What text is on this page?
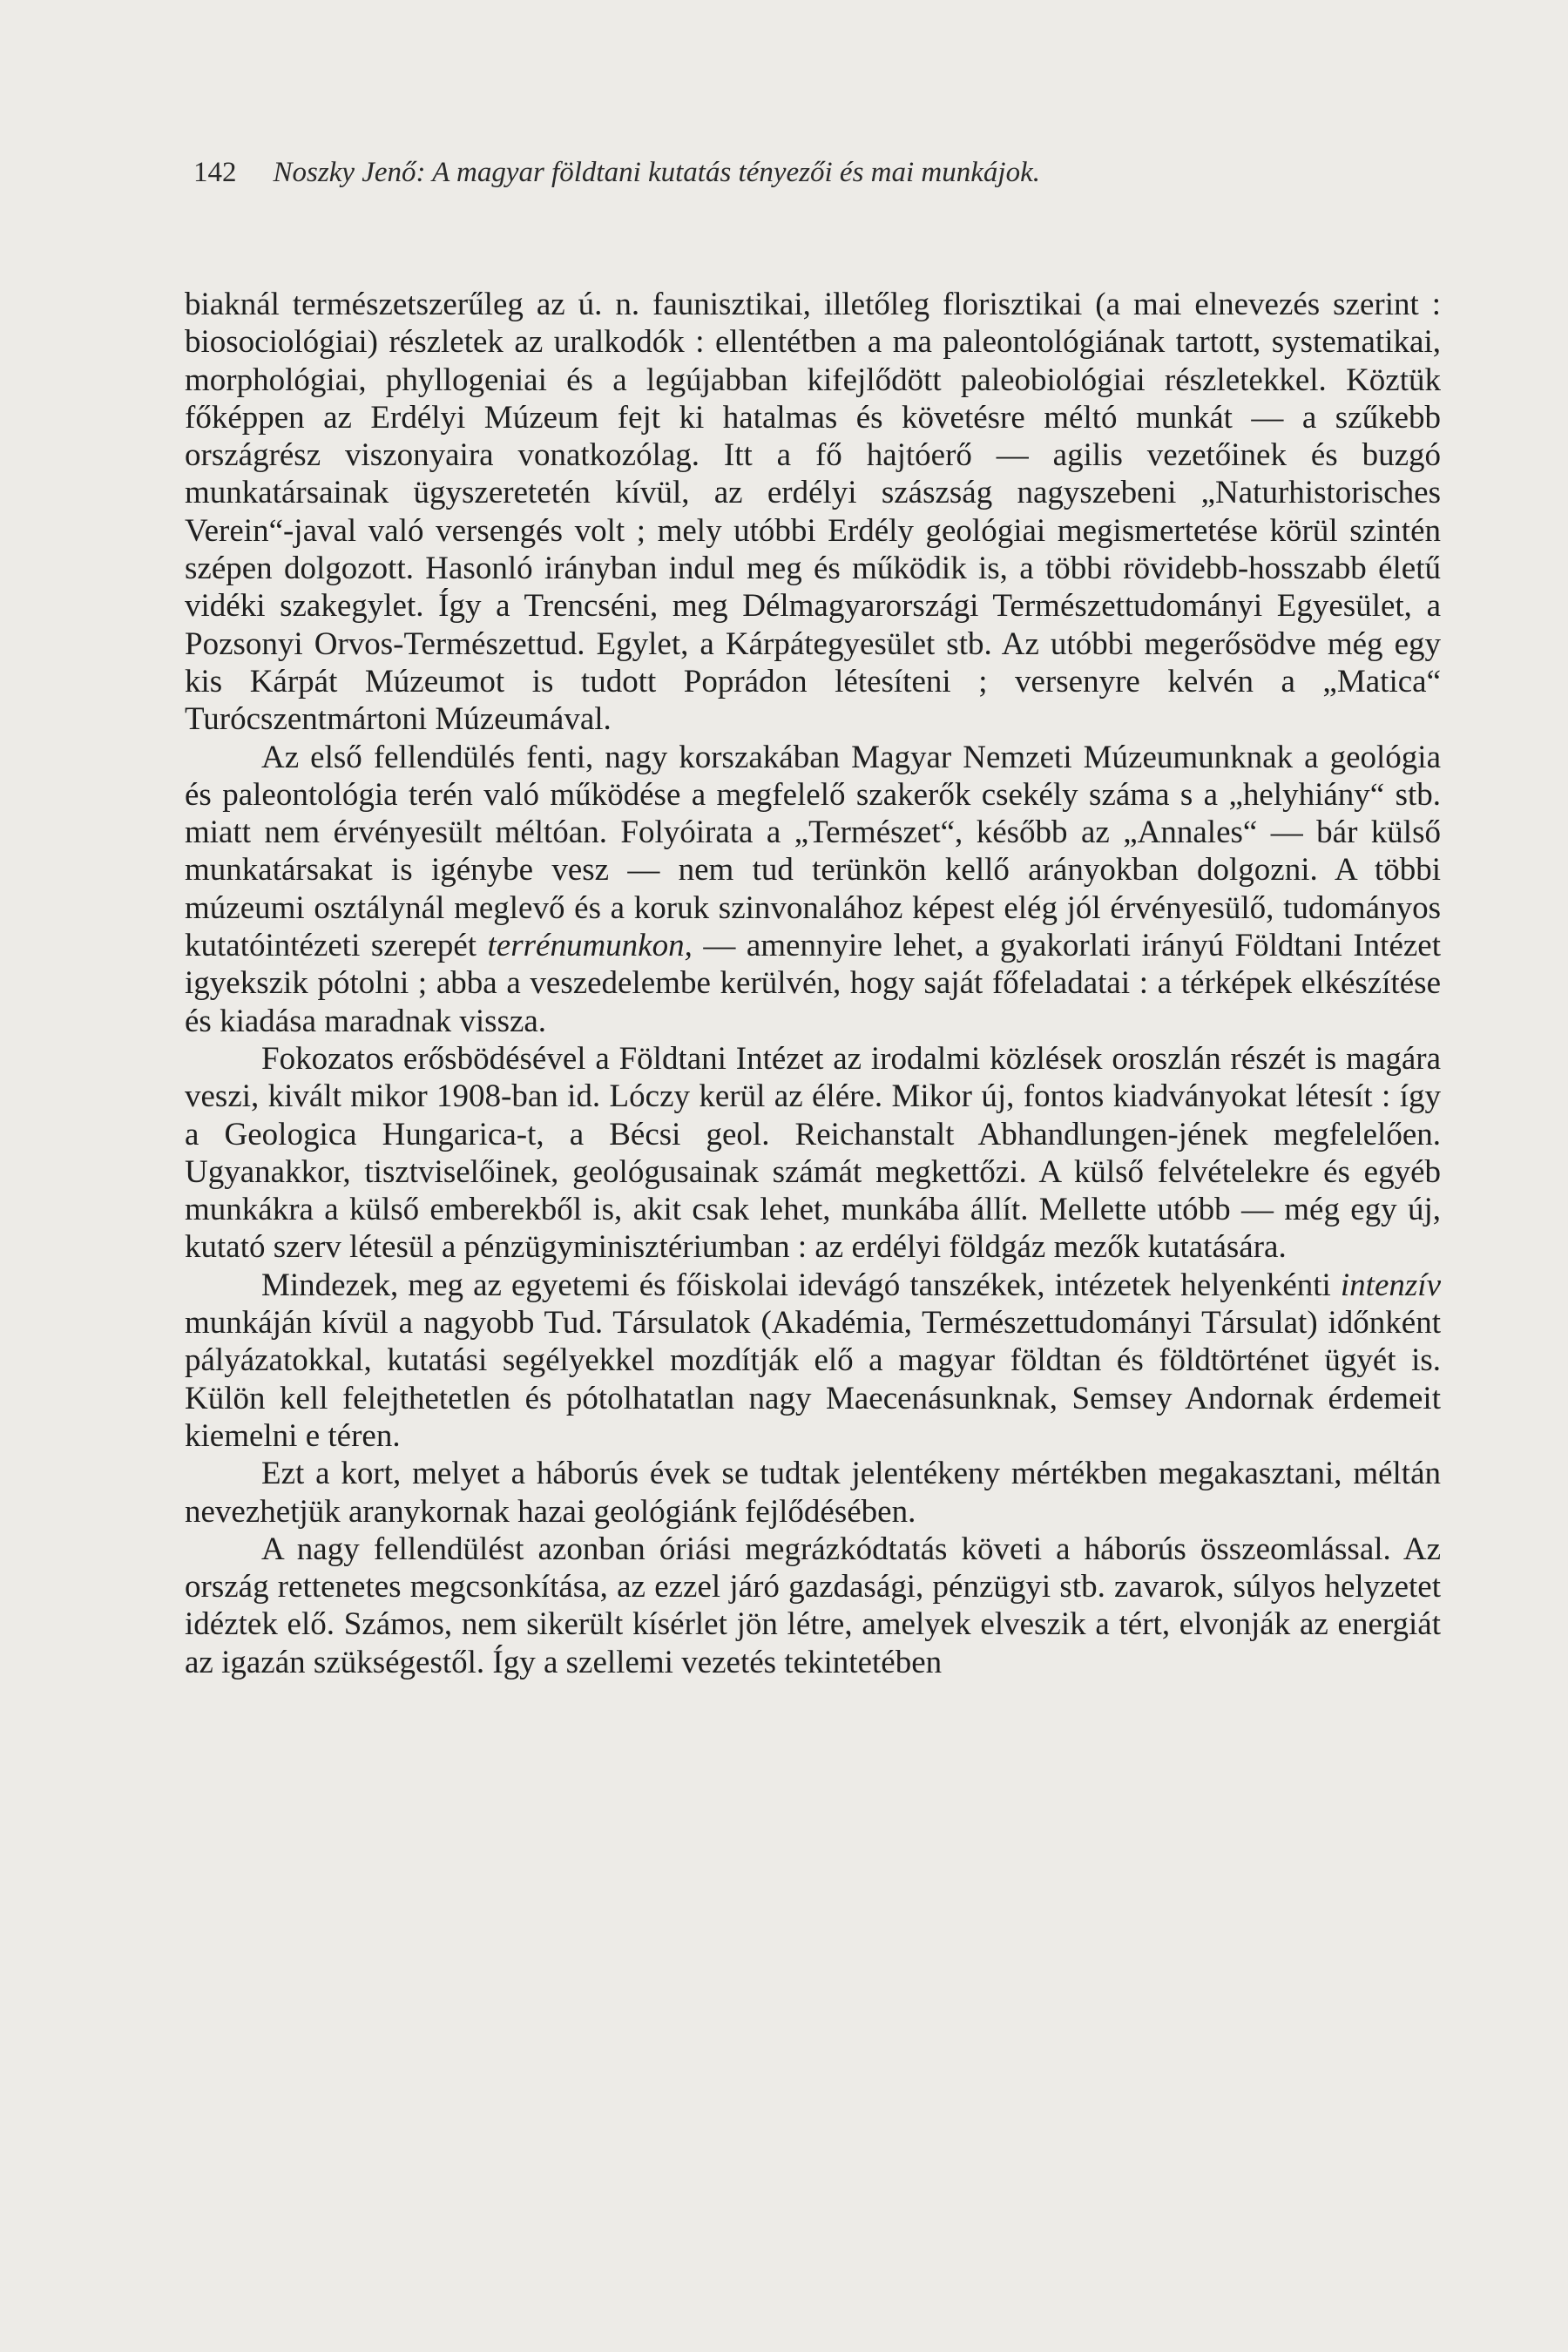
142 Noszky Jenő: A magyar földtani kutatás tényezői és mai munkájok.

biaknál természetszerűleg az ú. n. faunisztikai, illetőleg florisztikai (a mai elnevezés szerint : biosociológiai) részletek az uralkodók : ellentétben a ma paleontológiának tartott, systematikai, morphológiai, phyllogeniai és a legújabban kifejlődött paleobiológiai részletekkel. Köztük főképpen az Erdélyi Múzeum fejt ki hatalmas és követésre méltó munkát — a szűkebb országrész viszonyaira vonatkozólag. Itt a fő hajtóerő — agilis vezetőinek és buzgó munkatársainak ügyszeretetén kívül, az erdélyi szászság nagyszebeni „Naturhistorisches Verein“-javal való versengés volt ; mely utóbbi Erdély geológiai megismertetése körül szintén szépen dolgozott. Hasonló irányban indul meg és működik is, a többi rövidebb-hosszabb életű vidéki szakegylet. Így a Trencséni, meg Délmagyarországi Természettudományi Egyesület, a Pozsonyi Orvos-Természettud. Egylet, a Kárpátegyesület stb. Az utóbbi megerősödve még egy kis Kárpát Múzeumot is tudott Poprádon létesíteni ; versenyre kelvén a „Matica“ Turócszentmártoni Múzeumával.

Az első fellendülés fenti, nagy korszakában Magyar Nemzeti Múzeumunknak a geológia és paleontológia terén való működése a megfelelő szakerők csekély száma s a „helyhiány“ stb. miatt nem érvényesült méltóan. Folyóirata a „Természet“, később az „Annales“ — bár külső munkatársakat is igénybe vesz — nem tud terünkön kellő arányokban dolgozni. A többi múzeumi osztálynál meglevő és a koruk szinvonalához képest elég jól érvényesülő, tudományos kutatóintézeti szerepét terrénumunkon, — amennyire lehet, a gyakorlati irányú Földtani Intézet igyekszik pótolni ; abba a veszedelembe kerülvén, hogy saját főfeladatai : a térképek elkészítése és kiadása maradnak vissza.

Fokozatos erősbödésével a Földtani Intézet az irodalmi közlések oroszlán részét is magára veszi, kivált mikor 1908-ban id. Lóczy kerül az élére. Mikor új, fontos kiadványokat létesít : így a Geologica Hungarica-t, a Bécsi geol. Reichanstalt Abhandlungen-jének megfelelően. Ugyanakkor, tisztviselőinek, geológusainak számát megkettőzi. A külső felvételekre és egyéb munkákra a külső emberekből is, akit csak lehet, munkába állít. Mellette utóbb — még egy új, kutató szerv létesül a pénzügyminisztériumban : az erdélyi földgáz mezők kutatására.

Mindezek, meg az egyetemi és főiskolai idevágó tanszékek, intézetek helyenkénti intenzív munkáján kívül a nagyobb Tud. Társulatok (Akadémia, Természettudományi Társulat) időnként pályázatokkal, kutatási segélyekkel mozdítják elő a magyar földtan és földtörténet ügyét is. Külön kell felejthetetlen és pótolhatatlan nagy Maecenásunknak, Semsey Andornak érdemeit kiemelni e téren.

Ezt a kort, melyet a háborús évek se tudtak jelentékeny mértékben megakasztani, méltán nevezhetjük aranykornak hazai geológiánk fejlődésében.

A nagy fellendülést azonban óriási megrázkódtatás követi a háborús összeomlással. Az ország rettenetes megcsonkítása, az ezzel járó gazdasági, pénzügyi stb. zavarok, súlyos helyzetet idéztek elő. Számos, nem sikerült kísérlet jön létre, amelyek elveszik a tért, elvonják az energiát az igazán szükségestől. Így a szellemi vezetés tekintetében
